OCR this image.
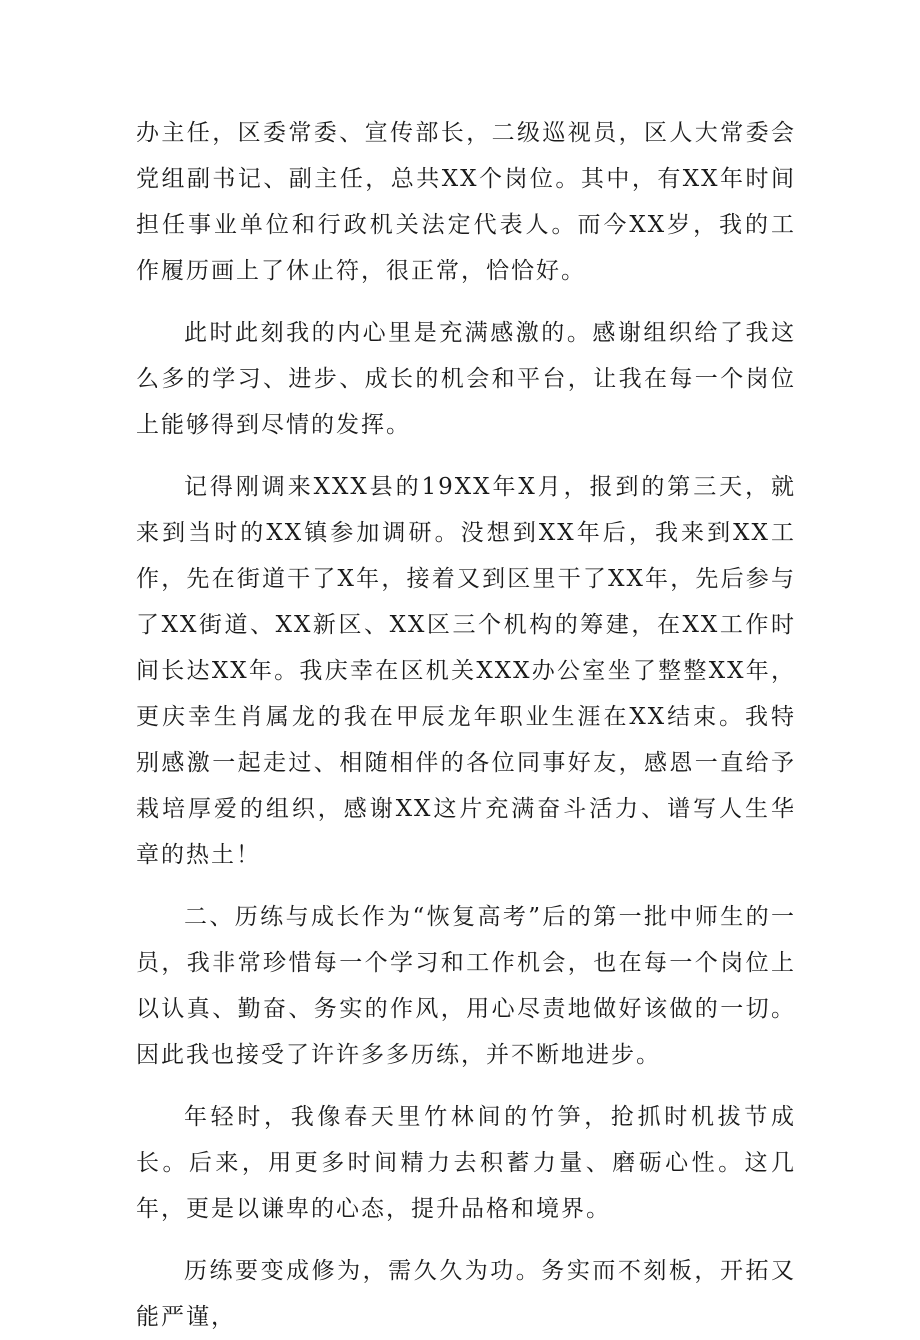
办主任，区委常委、宣传部长，二级巡视员，区人大常委会党组副书记、副主任，总共XX个岗位。其中，有XX年时间担任事业单位和行政机关法定代表人。而今XX岁，我的工作履历画上了休止符，很正常，恰恰好。

此时此刻我的内心里是充满感激的。感谢组织给了我这么多的学习、进步、成长的机会和平台，让我在每一个岗位上能够得到尽情的发挥。

记得刚调来XXX县的19XX年X月，报到的第三天，就来到当时的XX镇参加调研。没想到XX年后，我来到XX工作，先在街道干了X年，接着又到区里干了XX年，先后参与了XX街道、XX新区、XX区三个机构的筹建，在XX工作时间长达XX年。我庆幸在区机关XXX办公室坐了整整XX年，更庆幸生肖属龙的我在甲辰龙年职业生涯在XX结束。我特别感激一起走过、相随相伴的各位同事好友，感恩一直给予栽培厚爱的组织，感谢XX这片充满奋斗活力、谱写人生华章的热土！

二、历练与成长作为“恢复高考”后的第一批中师生的一员，我非常珍惜每一个学习和工作机会，也在每一个岗位上以认真、勤奋、务实的作风，用心尽责地做好该做的一切。因此我也接受了许许多多历练，并不断地进步。

年轻时，我像春天里竹林间的竹笋，抢抓时机拔节成长。后来，用更多时间精力去积蓄力量、磨砺心性。这几年，更是以谦卑的心态，提升品格和境界。

历练要变成修为，需久久为功。务实而不刻板，开拓又能严谨，
